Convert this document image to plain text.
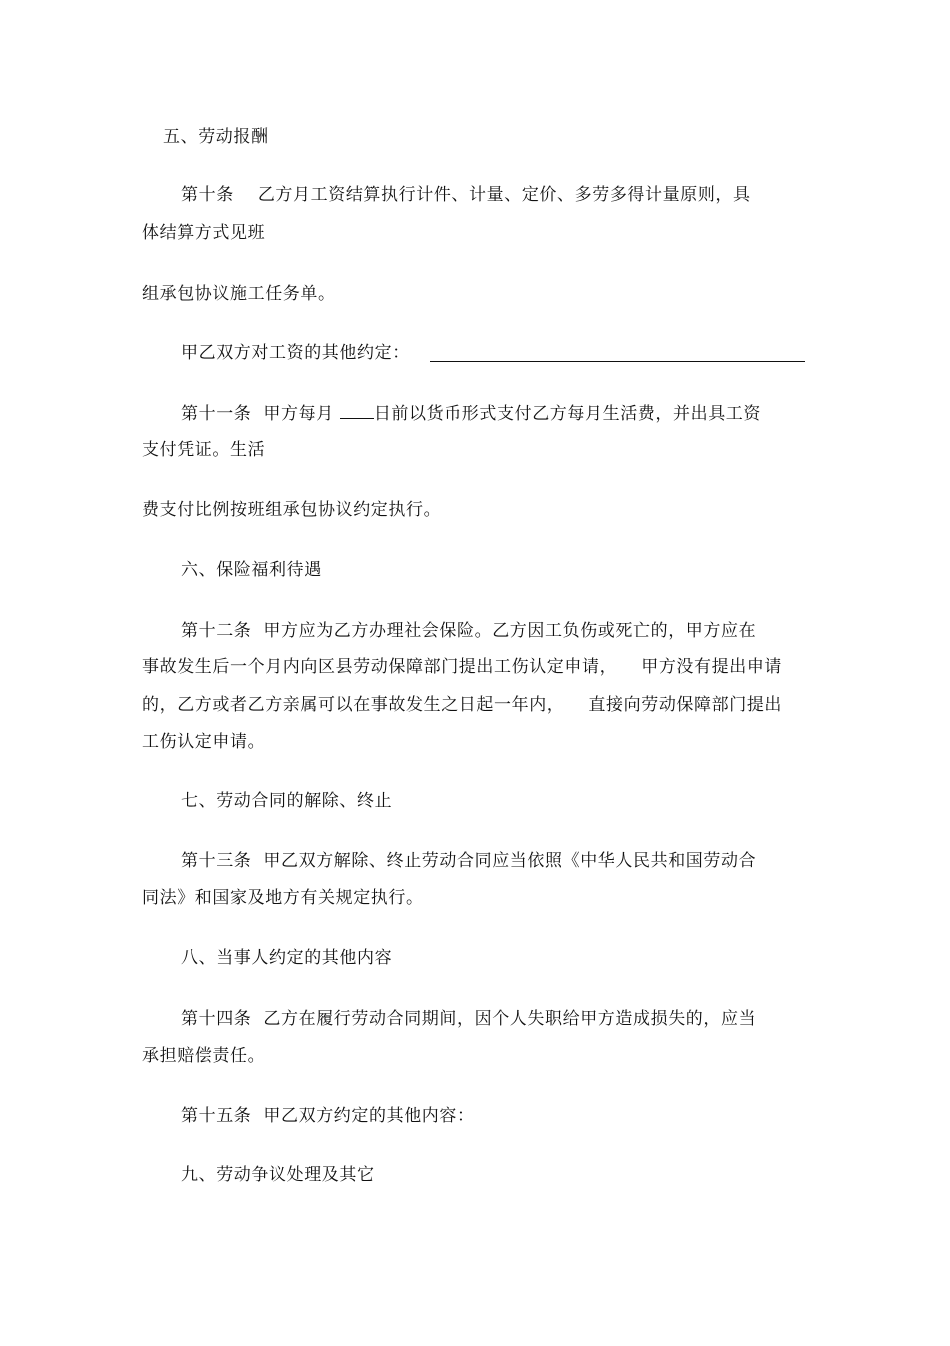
五、劳动报酬
第十条    乙方月工资结算执行计件、计量、定价、多劳多得计量原则，具
体结算方式见班
组承包协议施工任务单。
甲乙双方对工资的其他约定：
第十一条  甲方每月 日前以货币形式支付乙方每月生活费，并出具工资
支付凭证。生活
费支付比例按班组承包协议约定执行。
六、保险福利待遇
第十二条  甲方应为乙方办理社会保险。乙方因工负伤或死亡的，甲方应在
事故发生后一个月内向区县劳动保障部门提出工伤认定申请，    甲方没有提出申请
的，乙方或者乙方亲属可以在事故发生之日起一年内，    直接向劳动保障部门提出
工伤认定申请。
七、劳动合同的解除、终止
第十三条  甲乙双方解除、终止劳动合同应当依照《中华人民共和国劳动合
同法》和国家及地方有关规定执行。
八、当事人约定的其他内容
第十四条  乙方在履行劳动合同期间，因个人失职给甲方造成损失的，应当
承担赔偿责任。
第十五条  甲乙双方约定的其他内容：
九、劳动争议处理及其它
